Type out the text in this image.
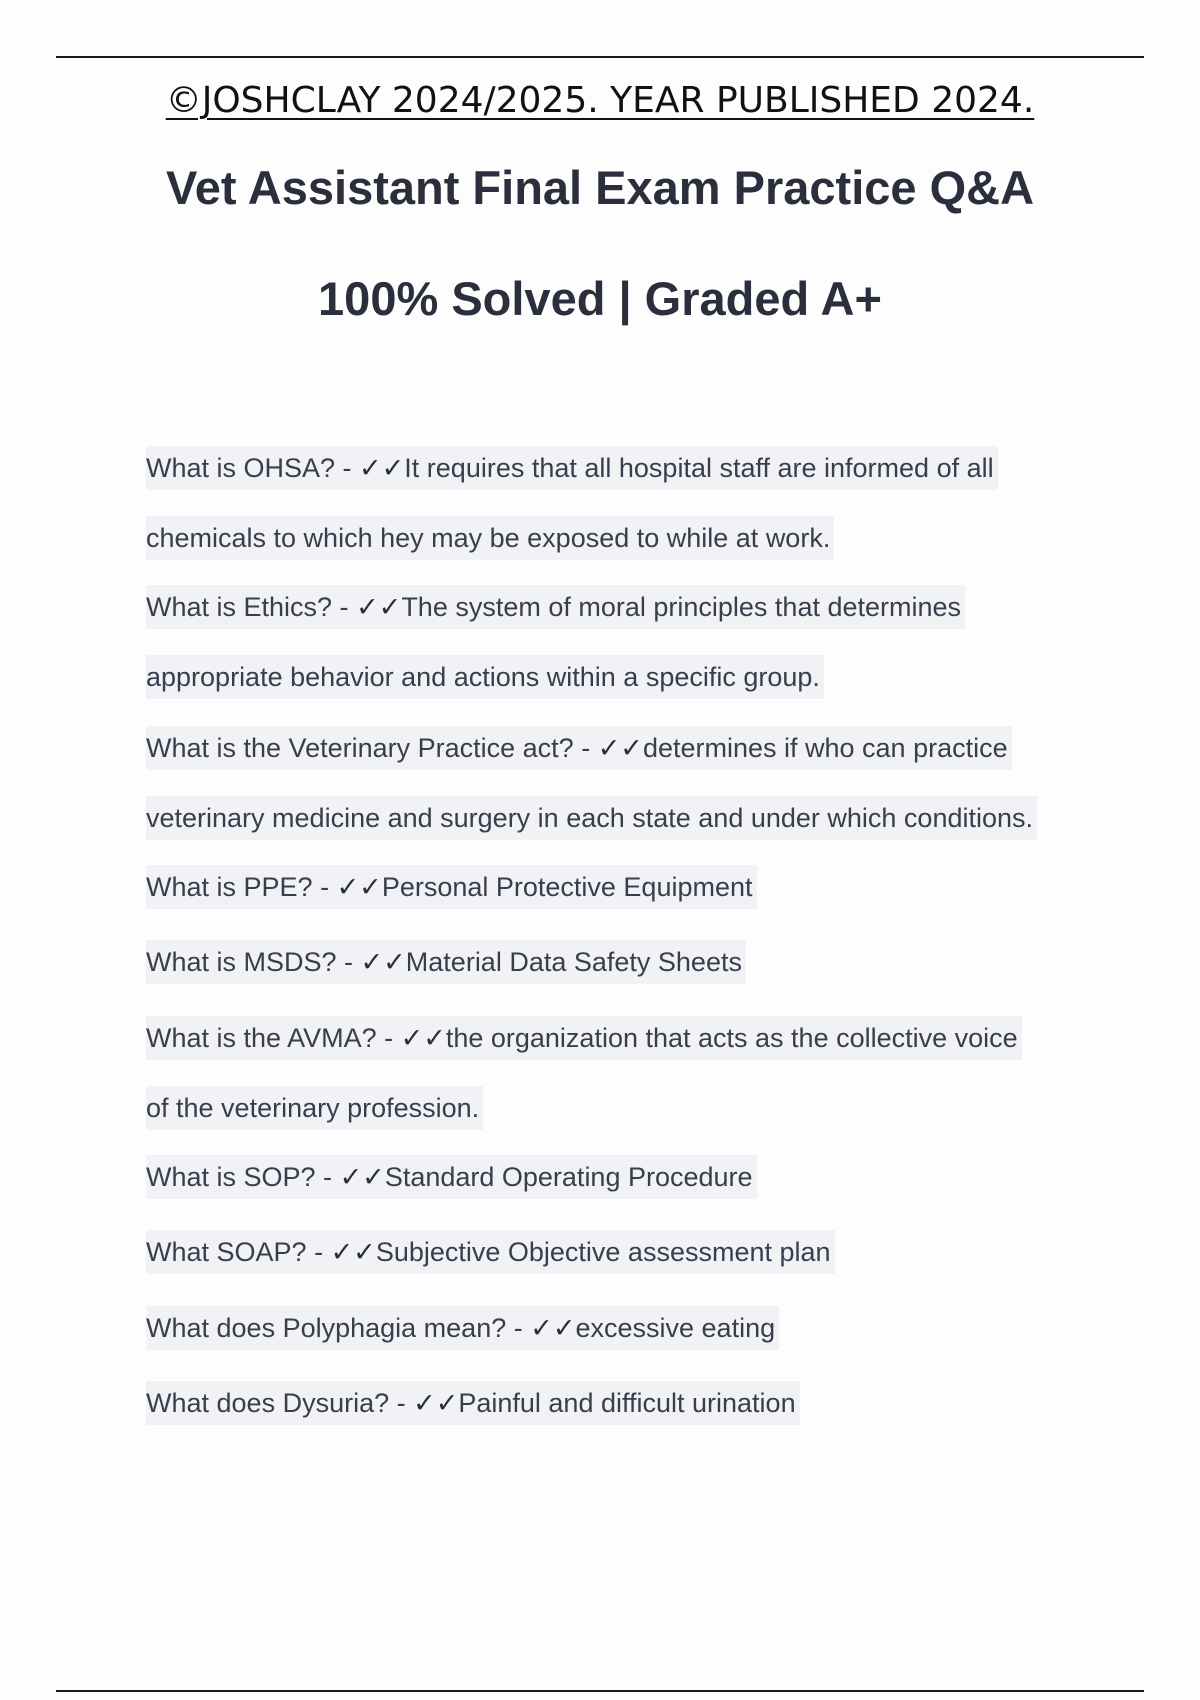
©JOSHCLAY 2024/2025. YEAR PUBLISHED 2024.
Vet Assistant Final Exam Practice Q&A
100% Solved | Graded A+
What is OHSA? - ✓✓It requires that all hospital staff are informed of all
chemicals to which hey may be exposed to while at work.
What is Ethics? - ✓✓The system of moral principles that determines
appropriate behavior and actions within a specific group.
What is the Veterinary Practice act? - ✓✓determines if who can practice
veterinary medicine and surgery in each state and under which conditions.
What is PPE? - ✓✓Personal Protective Equipment
What is MSDS? - ✓✓Material Data Safety Sheets
What is the AVMA? - ✓✓the organization that acts as the collective voice
of the veterinary profession.
What is SOP? - ✓✓Standard Operating Procedure
What SOAP? - ✓✓Subjective Objective assessment plan
What does Polyphagia mean? - ✓✓excessive eating
What does Dysuria? - ✓✓Painful and difficult urination
